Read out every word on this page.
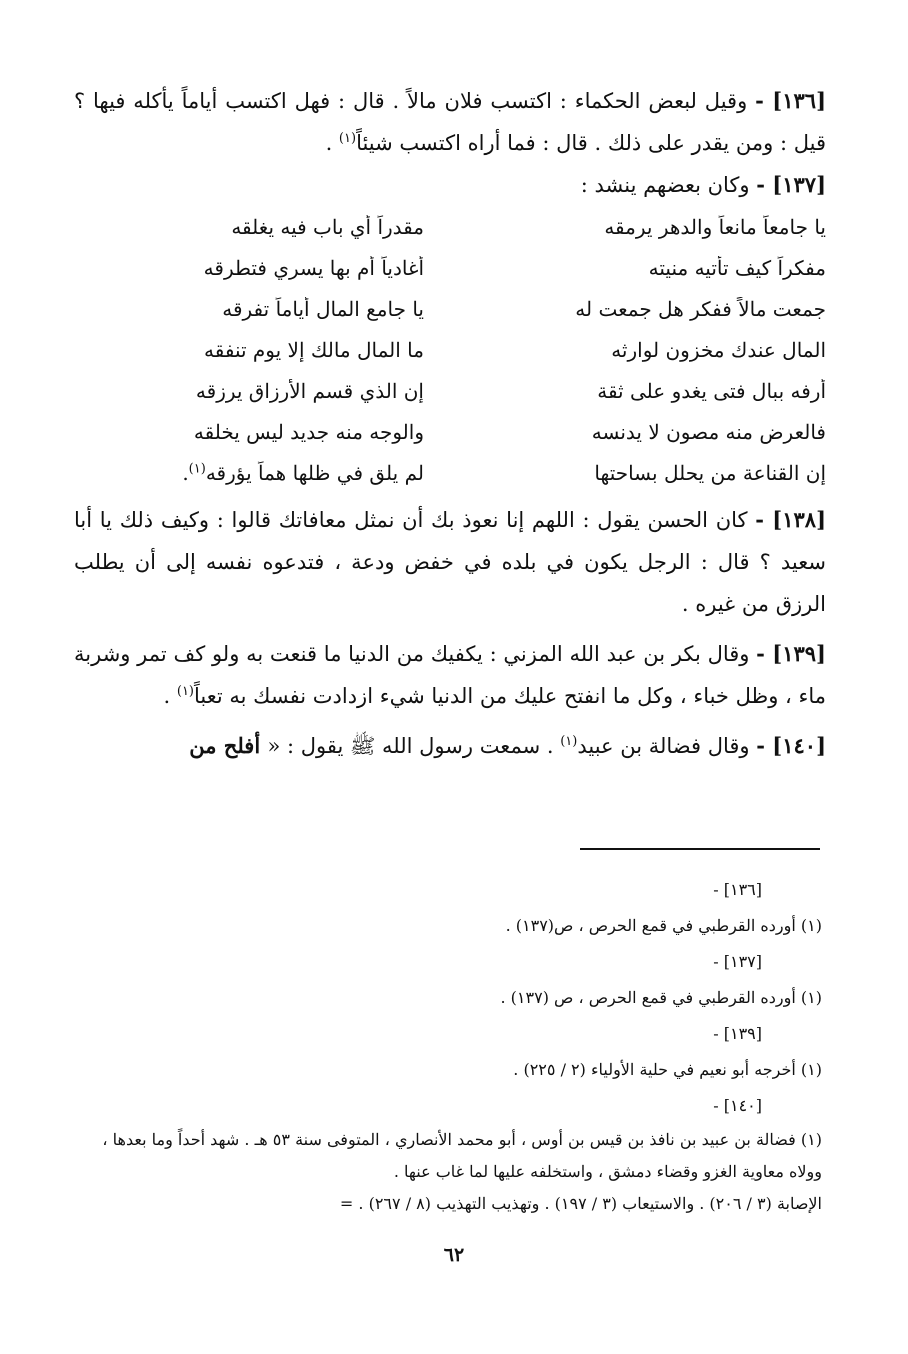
[١٣٦] - وقيل لبعض الحكماء : اكتسب فلان مالاً . قال : فهل اكتسب أياماً يأكله فيها ؟ قيل : ومن يقدر على ذلك . قال : فما أراه اكتسب شيئاً$^{(١)}$ .

[١٣٧] - وكان بعضهم ينشد :

يا جامعاً مانعاً والدهر يرمقه
مقدراً أي باب فيه يغلقه
مفكراً كيف تأتيه منيته
أغادياً أم بها يسري فتطرقه
جمعت مالاً ففكر هل جمعت له
يا جامع المال أياماً تفرقه
المال عندك مخزون لوارثه
ما المال مالك إلا يوم تنفقه
أرفه ببال فتى يغدو على ثقة
إن الذي قسم الأرزاق يرزقه
فالعرض منه مصون لا يدنسه
والوجه منه جديد ليس يخلقه
إن القناعة من يحلل بساحتها
لم يلق في ظلها هماً يؤرقه$^{(١)}$.

[١٣٨] - كان الحسن يقول : اللهم إنا نعوذ بك أن نمثل معافاتك قالوا : وكيف ذلك يا أبا سعيد ؟ قال : الرجل يكون في بلده في خفض ودعة ، فتدعوه نفسه إلى أن يطلب الرزق من غيره .

[١٣٩] - وقال بكر بن عبد الله المزني : يكفيك من الدنيا ما قنعت به ولو كف تمر وشربة ماء ، وظل خباء ، وكل ما انفتح عليك من الدنيا شيء ازدادت نفسك به تعباً$^{(١)}$ .

[١٤٠] - وقال فضالة بن عبيد$^{(١)}$ . سمعت رسول الله ﷺ يقول : « أفلح من

[١٣٦] -

(١) أورده القرطبي في قمع الحرص ، ص(١٣٧) .

[١٣٧] -

(١) أورده القرطبي في قمع الحرص ، ص (١٣٧) .

[١٣٩] -

(١) أخرجه أبو نعيم في حلية الأولياء (٢ / ٢٢٥) .

[١٤٠] -

(١) فضالة بن عبيد بن نافذ بن قيس بن أوس ، أبو محمد الأنصاري ، المتوفى سنة ٥٣ هـ . شهد أحداً وما بعدها ، وولاه معاوية الغزو وقضاء دمشق ، واستخلفه عليها لما غاب عنها .

الإصابة (٣ / ٢٠٦) . والاستيعاب (٣ / ١٩٧) . وتهذيب التهذيب (٨ / ٢٦٧) . =

٦٢
